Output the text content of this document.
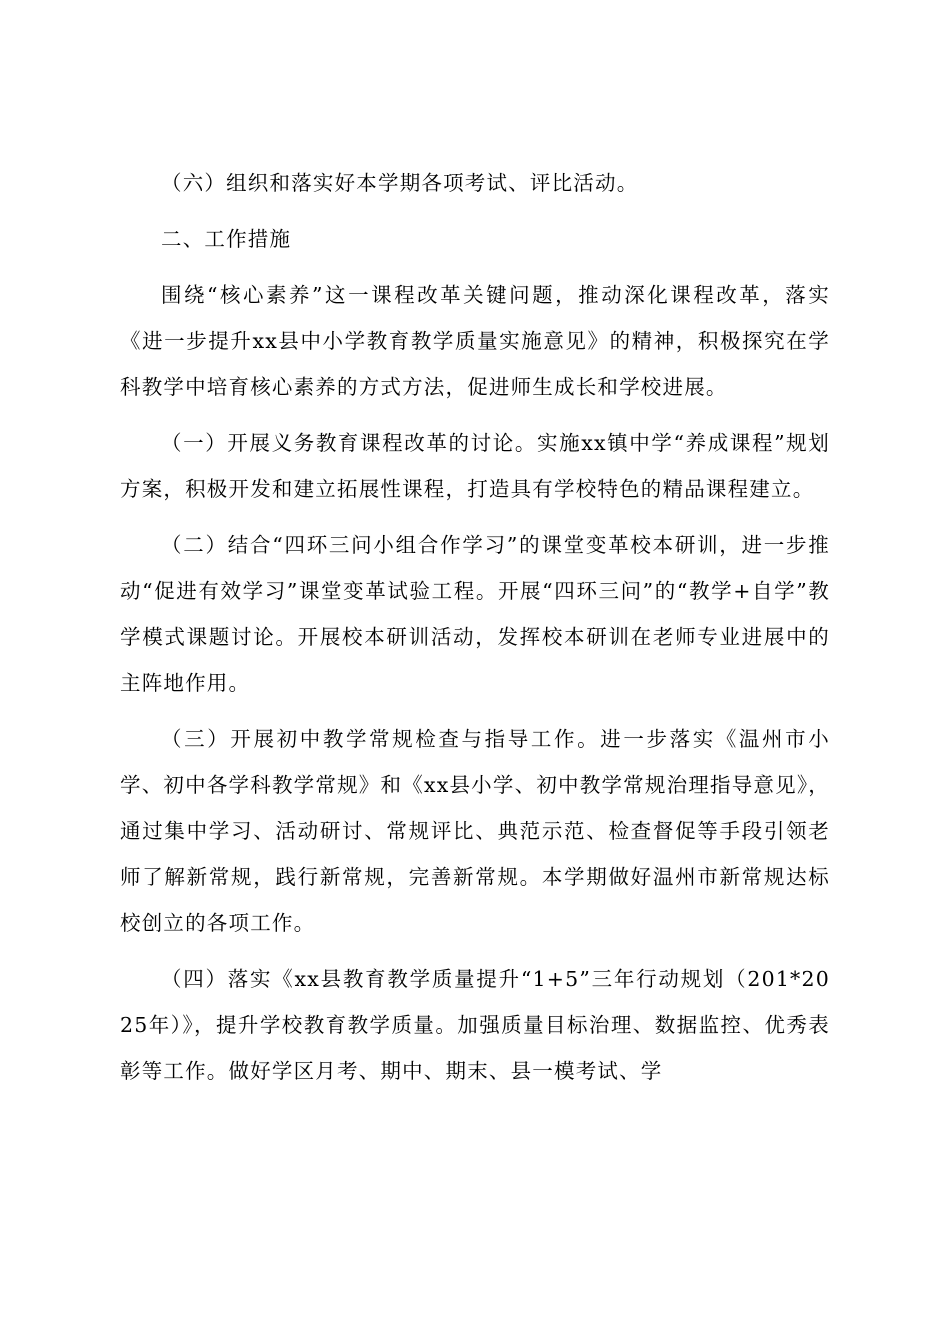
（六）组织和落实好本学期各项考试、评比活动。

二、工作措施

围绕“核心素养”这一课程改革关键问题，推动深化课程改革，落实《进一步提升xx县中小学教育教学质量实施意见》的精神，积极探究在学科教学中培育核心素养的方式方法，促进师生成长和学校进展。

（一）开展义务教育课程改革的讨论。实施xx镇中学“养成课程”规划方案，积极开发和建立拓展性课程，打造具有学校特色的精品课程建立。

（二）结合“四环三问小组合作学习”的课堂变革校本研训，进一步推动“促进有效学习”课堂变革试验工程。开展“四环三问”的“教学+自学”教学模式课题讨论。开展校本研训活动，发挥校本研训在老师专业进展中的主阵地作用。

（三）开展初中教学常规检查与指导工作。进一步落实《温州市小学、初中各学科教学常规》和《xx县小学、初中教学常规治理指导意见》，通过集中学习、活动研讨、常规评比、典范示范、检查督促等手段引领老师了解新常规，践行新常规，完善新常规。本学期做好温州市新常规达标校创立的各项工作。

（四）落实《xx县教育教学质量提升“1+5”三年行动规划（201*2025年）》，提升学校教育教学质量。加强质量目标治理、数据监控、优秀表彰等工作。做好学区月考、期中、期末、县一模考试、学
